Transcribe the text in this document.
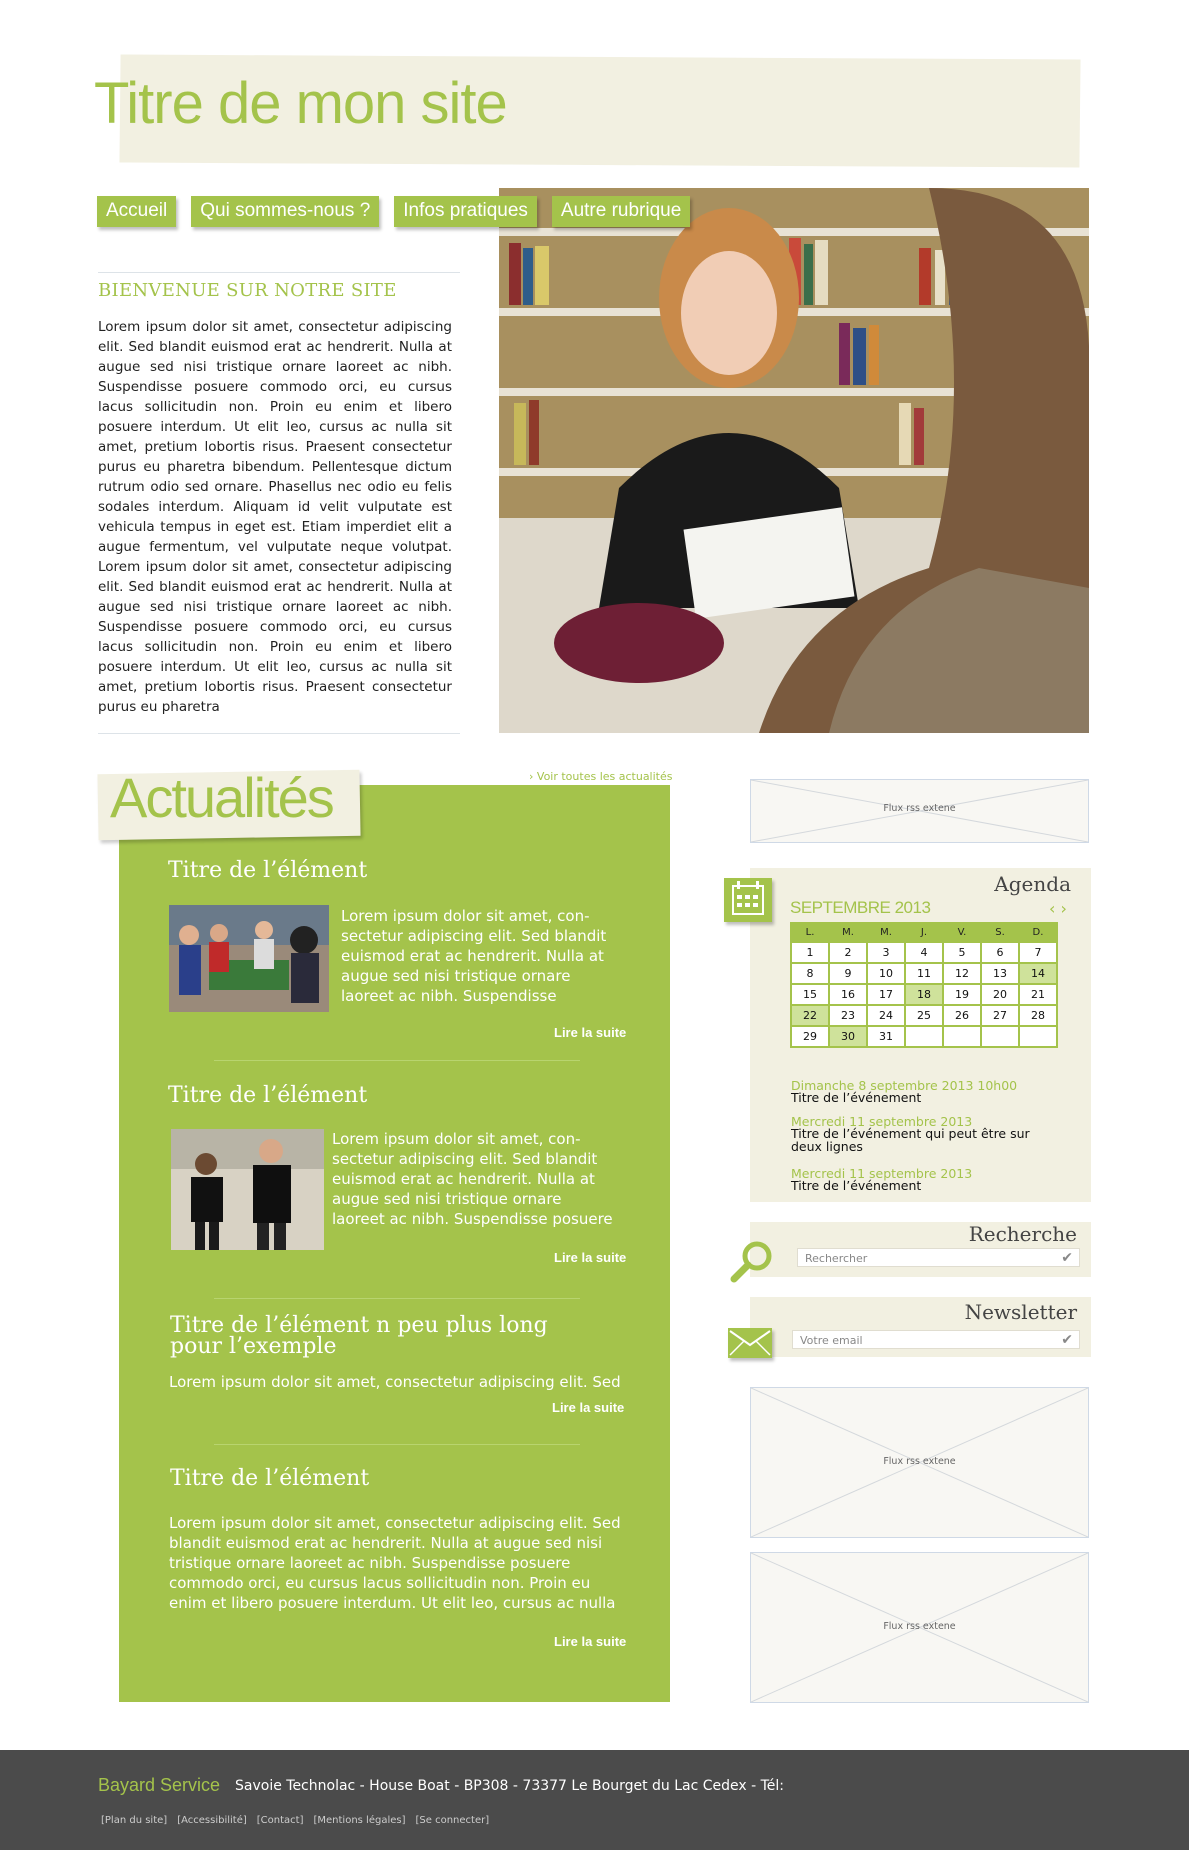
Titre de mon site
Accueil	Qui sommes-nous ?	Infos pratiques	Autre rubrique
BIENVENUE SUR NOTRE SITE
Lorem ipsum dolor sit amet, consectetur adipiscing elit. Sed blandit euismod erat ac hendrerit. Nulla at augue sed nisi tristique ornare laoreet ac nibh. Suspendisse posuere commodo orci, eu cursus lacus sollicitudin non. Proin eu enim et libero posuere interdum. Ut elit leo, cursus ac nulla sit amet, pretium lobortis risus. Praesent consectetur purus eu pharetra bibendum. Pellentesque dictum rutrum odio sed ornare. Phasellus nec odio eu felis sodales interdum. Aliquam id velit vulputate est vehicula tempus in eget est. Etiam imperdiet elit a augue fermentum, vel vulputate neque volutpat. Lorem ipsum dolor sit amet, consectetur adipiscing elit. Sed blandit euismod erat ac hendrerit. Nulla at augue sed nisi tristique ornare laoreet ac nibh. Suspendisse posuere commodo orci, eu cursus lacus sollicitudin non. Proin eu enim et libero posuere interdum. Ut elit leo, cursus ac nulla sit amet, pretium lobortis risus. Praesent consectetur purus eu pharetra
Actualités	› Voir toutes les actualités
Titre de l’élément
Lorem ipsum dolor sit amet, con-sectetur adipiscing elit. Sed blandit euismod erat ac hendrerit. Nulla at augue sed nisi tristique ornare laoreet ac nibh. Suspendisse
Lire la suite
Titre de l’élément
Lorem ipsum dolor sit amet, con-sectetur adipiscing elit. Sed blandit euismod erat ac hendrerit. Nulla at augue sed nisi tristique ornare laoreet ac nibh. Suspendisse posuere
Lire la suite
Titre de l’élément n peu plus long pour l’exemple
Lorem ipsum dolor sit amet, consectetur adipiscing elit. Sed
Lire la suite
Titre de l’élément
Lorem ipsum dolor sit amet, consectetur adipiscing elit. Sed blandit euismod erat ac hendrerit. Nulla at augue sed nisi tristique ornare laoreet ac nibh. Suspendisse posuere commodo orci, eu cursus lacus sollicitudin non. Proin eu enim et libero posuere interdum. Ut elit leo, cursus ac nulla
Lire la suite
Flux rss extene
Agenda
SEPTEMBRE 2013	‹ ›
L.	M.	M.	J.	V.	S.	D.
1	2	3	4	5	6	7
8	9	10	11	12	13	14
15	16	17	18	19	20	21
22	23	24	25	26	27	28
29	30	31				
Dimanche 8 septembre 2013 10h00
Titre de l’événement
Mercredi 11 septembre 2013
Titre de l’événement qui peut être sur deux lignes
Mercredi 11 septembre 2013
Titre de l’événement
Recherche
Rechercher	✔
Newsletter
Votre email	✔
Flux rss extene
Flux rss extene
Bayard Service Savoie Technolac - House Boat - BP308 - 73377 Le Bourget du Lac Cedex - Tél:
[Plan du site] [Accessibilité] [Contact] [Mentions légales] [Se connecter]
